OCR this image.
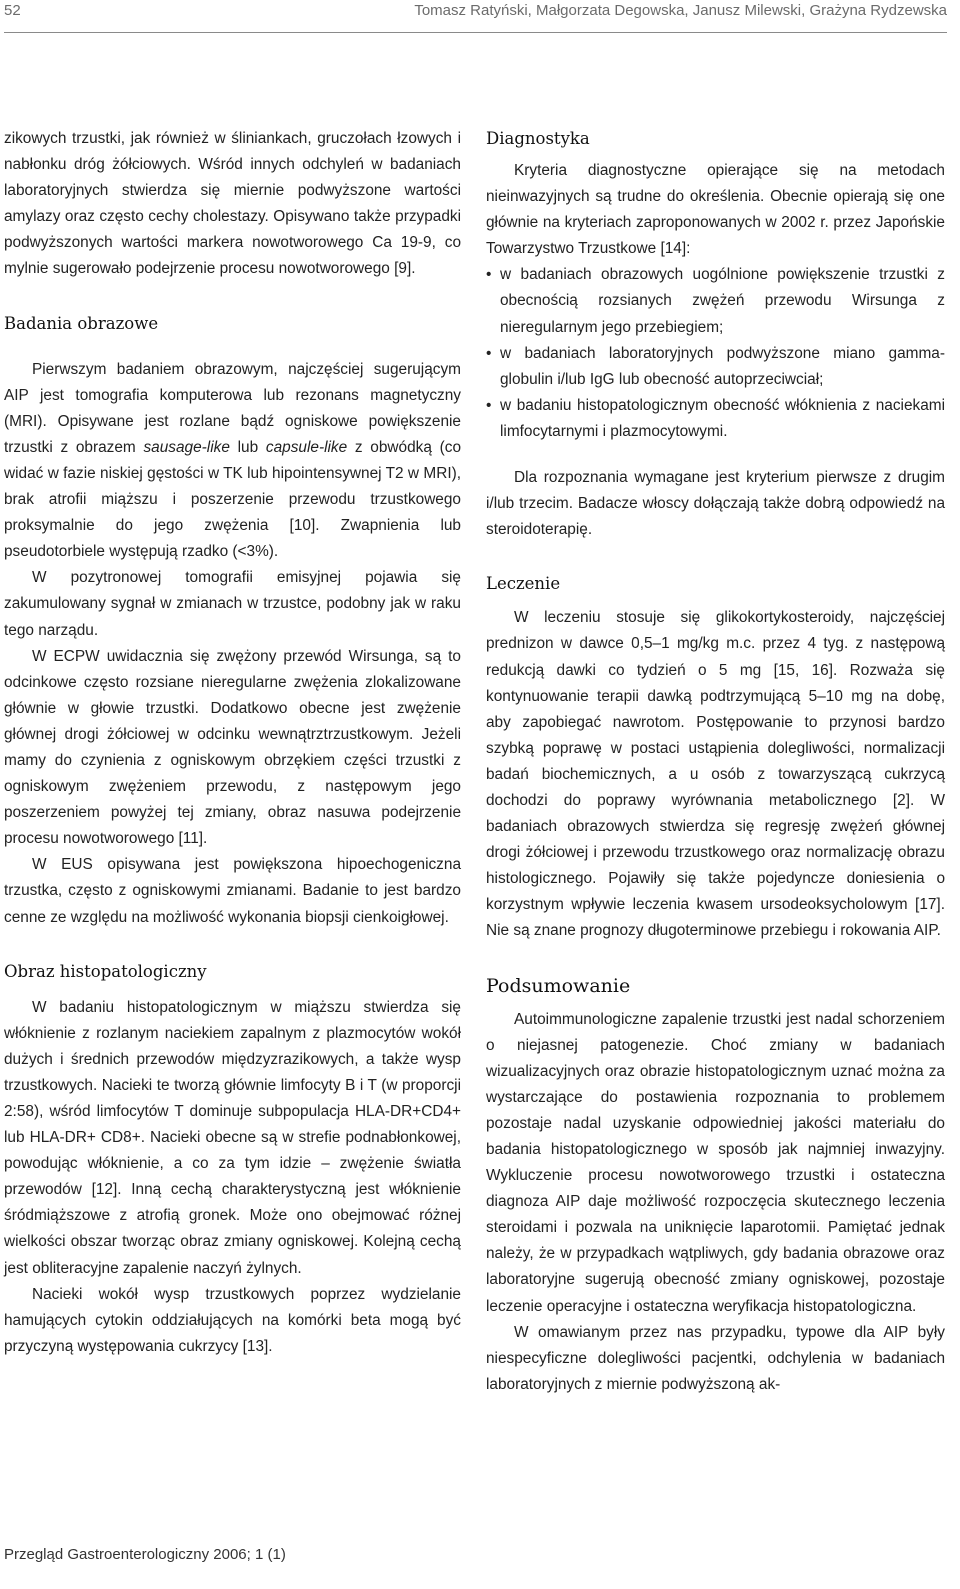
52	Tomasz Ratyński, Małgorzata Degowska, Janusz Milewski, Grażyna Rydzewska

zikowych trzustki, jak również w śliniankach, gruczołach łzowych i nabłonku dróg żółciowych. Wśród innych odchyleń w badaniach laboratoryjnych stwierdza się miernie podwyższone wartości amylazy oraz często cechy cholestazy. Opisywano także przypadki podwyższonych wartości markera nowotworowego Ca 19-9, co mylnie sugerowało podejrzenie procesu nowotworowego [9].

Badania obrazowe

Pierwszym badaniem obrazowym, najczęściej sugerującym AIP jest tomografia komputerowa lub rezonans magnetyczny (MRI). Opisywane jest rozlane bądź ogniskowe powiększenie trzustki z obrazem sausage-like lub capsule-like z obwódką (co widać w fazie niskiej gęstości w TK lub hipointensywnej T2 w MRI), brak atrofii miąższu i poszerzenie przewodu trzustkowego proksymalnie do jego zwężenia [10]. Zwapnienia lub pseudotorbiele występują rzadko (<3%).

W pozytronowej tomografii emisyjnej pojawia się zakumulowany sygnał w zmianach w trzustce, podobny jak w raku tego narządu.

W ECPW uwidacznia się zwężony przewód Wirsunga, są to odcinkowe często rozsiane nieregularne zwężenia zlokalizowane głównie w głowie trzustki. Dodatkowo obecne jest zwężenie głównej drogi żółciowej w odcinku wewnątrztrzustkowym. Jeżeli mamy do czynienia z ogniskowym obrzękiem części trzustki z ogniskowym zwężeniem przewodu, z następowym jego poszerzeniem powyżej tej zmiany, obraz nasuwa podejrzenie procesu nowotworowego [11].

W EUS opisywana jest powiększona hipoechogeniczna trzustka, często z ogniskowymi zmianami. Badanie to jest bardzo cenne ze względu na możliwość wykonania biopsji cienkoigłowej.

Obraz histopatologiczny

W badaniu histopatologicznym w miąższu stwierdza się włóknienie z rozlanym naciekiem zapalnym z plazmocytów wokół dużych i średnich przewodów międzyzrazikowych, a także wysp trzustkowych. Nacieki te tworzą głównie limfocyty B i T (w proporcji 2:58), wśród limfocytów T dominuje subpopulacja HLA-DR+CD4+ lub HLA-DR+ CD8+. Nacieki obecne są w strefie podnabłonkowej, powodując włóknienie, a co za tym idzie – zwężenie światła przewodów [12]. Inną cechą charakterystyczną jest włóknienie śródmiąższowe z atrofią gronek. Może ono obejmować różnej wielkości obszar tworząc obraz zmiany ogniskowej. Kolejną cechą jest obliteracyjne zapalenie naczyń żylnych.

Nacieki wokół wysp trzustkowych poprzez wydzielanie hamujących cytokin oddziałujących na komórki beta mogą być przyczyną występowania cukrzycy [13].

Diagnostyka

Kryteria diagnostyczne opierające się na metodach nieinwazyjnych są trudne do określenia. Obecnie opierają się one głównie na kryteriach zaproponowanych w 2002 r. przez Japońskie Towarzystwo Trzustkowe [14]:

• w badaniach obrazowych uogólnione powiększenie trzustki z obecnością rozsianych zwężeń przewodu Wirsunga z nieregularnym jego przebiegiem;
• w badaniach laboratoryjnych podwyższone miano gamma-globulin i/lub IgG lub obecność autoprzeciwciał;
• w badaniu histopatologicznym obecność włóknienia z naciekami limfocytarnymi i plazmocytowymi.

Dla rozpoznania wymagane jest kryterium pierwsze z drugim i/lub trzecim. Badacze włoscy dołączają także dobrą odpowiedź na steroidoterapię.

Leczenie

W leczeniu stosuje się glikokortykosteroidy, najczęściej prednizon w dawce 0,5–1 mg/kg m.c. przez 4 tyg. z następową redukcją dawki co tydzień o 5 mg [15, 16]. Rozważa się kontynuowanie terapii dawką podtrzymującą 5–10 mg na dobę, aby zapobiegać nawrotom. Postępowanie to przynosi bardzo szybką poprawę w postaci ustąpienia dolegliwości, normalizacji badań biochemicznych, a u osób z towarzyszącą cukrzycą dochodzi do poprawy wyrównania metabolicznego [2]. W badaniach obrazowych stwierdza się regresję zwężeń głównej drogi żółciowej i przewodu trzustkowego oraz normalizację obrazu histologicznego. Pojawiły się także pojedyncze doniesienia o korzystnym wpływie leczenia kwasem ursodeoksycholowym [17]. Nie są znane prognozy długoterminowe przebiegu i rokowania AIP.

Podsumowanie

Autoimmunologiczne zapalenie trzustki jest nadal schorzeniem o niejasnej patogenezie. Choć zmiany w badaniach wizualizacyjnych oraz obrazie histopatologicznym uznać można za wystarczające do postawienia rozpoznania to problemem pozostaje nadal uzyskanie odpowiedniej jakości materiału do badania histopatologicznego w sposób jak najmniej inwazyjny. Wykluczenie procesu nowotworowego trzustki i ostateczna diagnoza AIP daje możliwość rozpoczęcia skutecznego leczenia steroidami i pozwala na uniknięcie laparotomii. Pamiętać jednak należy, że w przypadkach wątpliwych, gdy badania obrazowe oraz laboratoryjne sugerują obecność zmiany ogniskowej, pozostaje leczenie operacyjne i ostateczna weryfikacja histopatologiczna.

W omawianym przez nas przypadku, typowe dla AIP były niespecyficzne dolegliwości pacjentki, odchylenia w badaniach laboratoryjnych z miernie podwyższoną ak-

Przegląd Gastroenterologiczny 2006; 1 (1)
